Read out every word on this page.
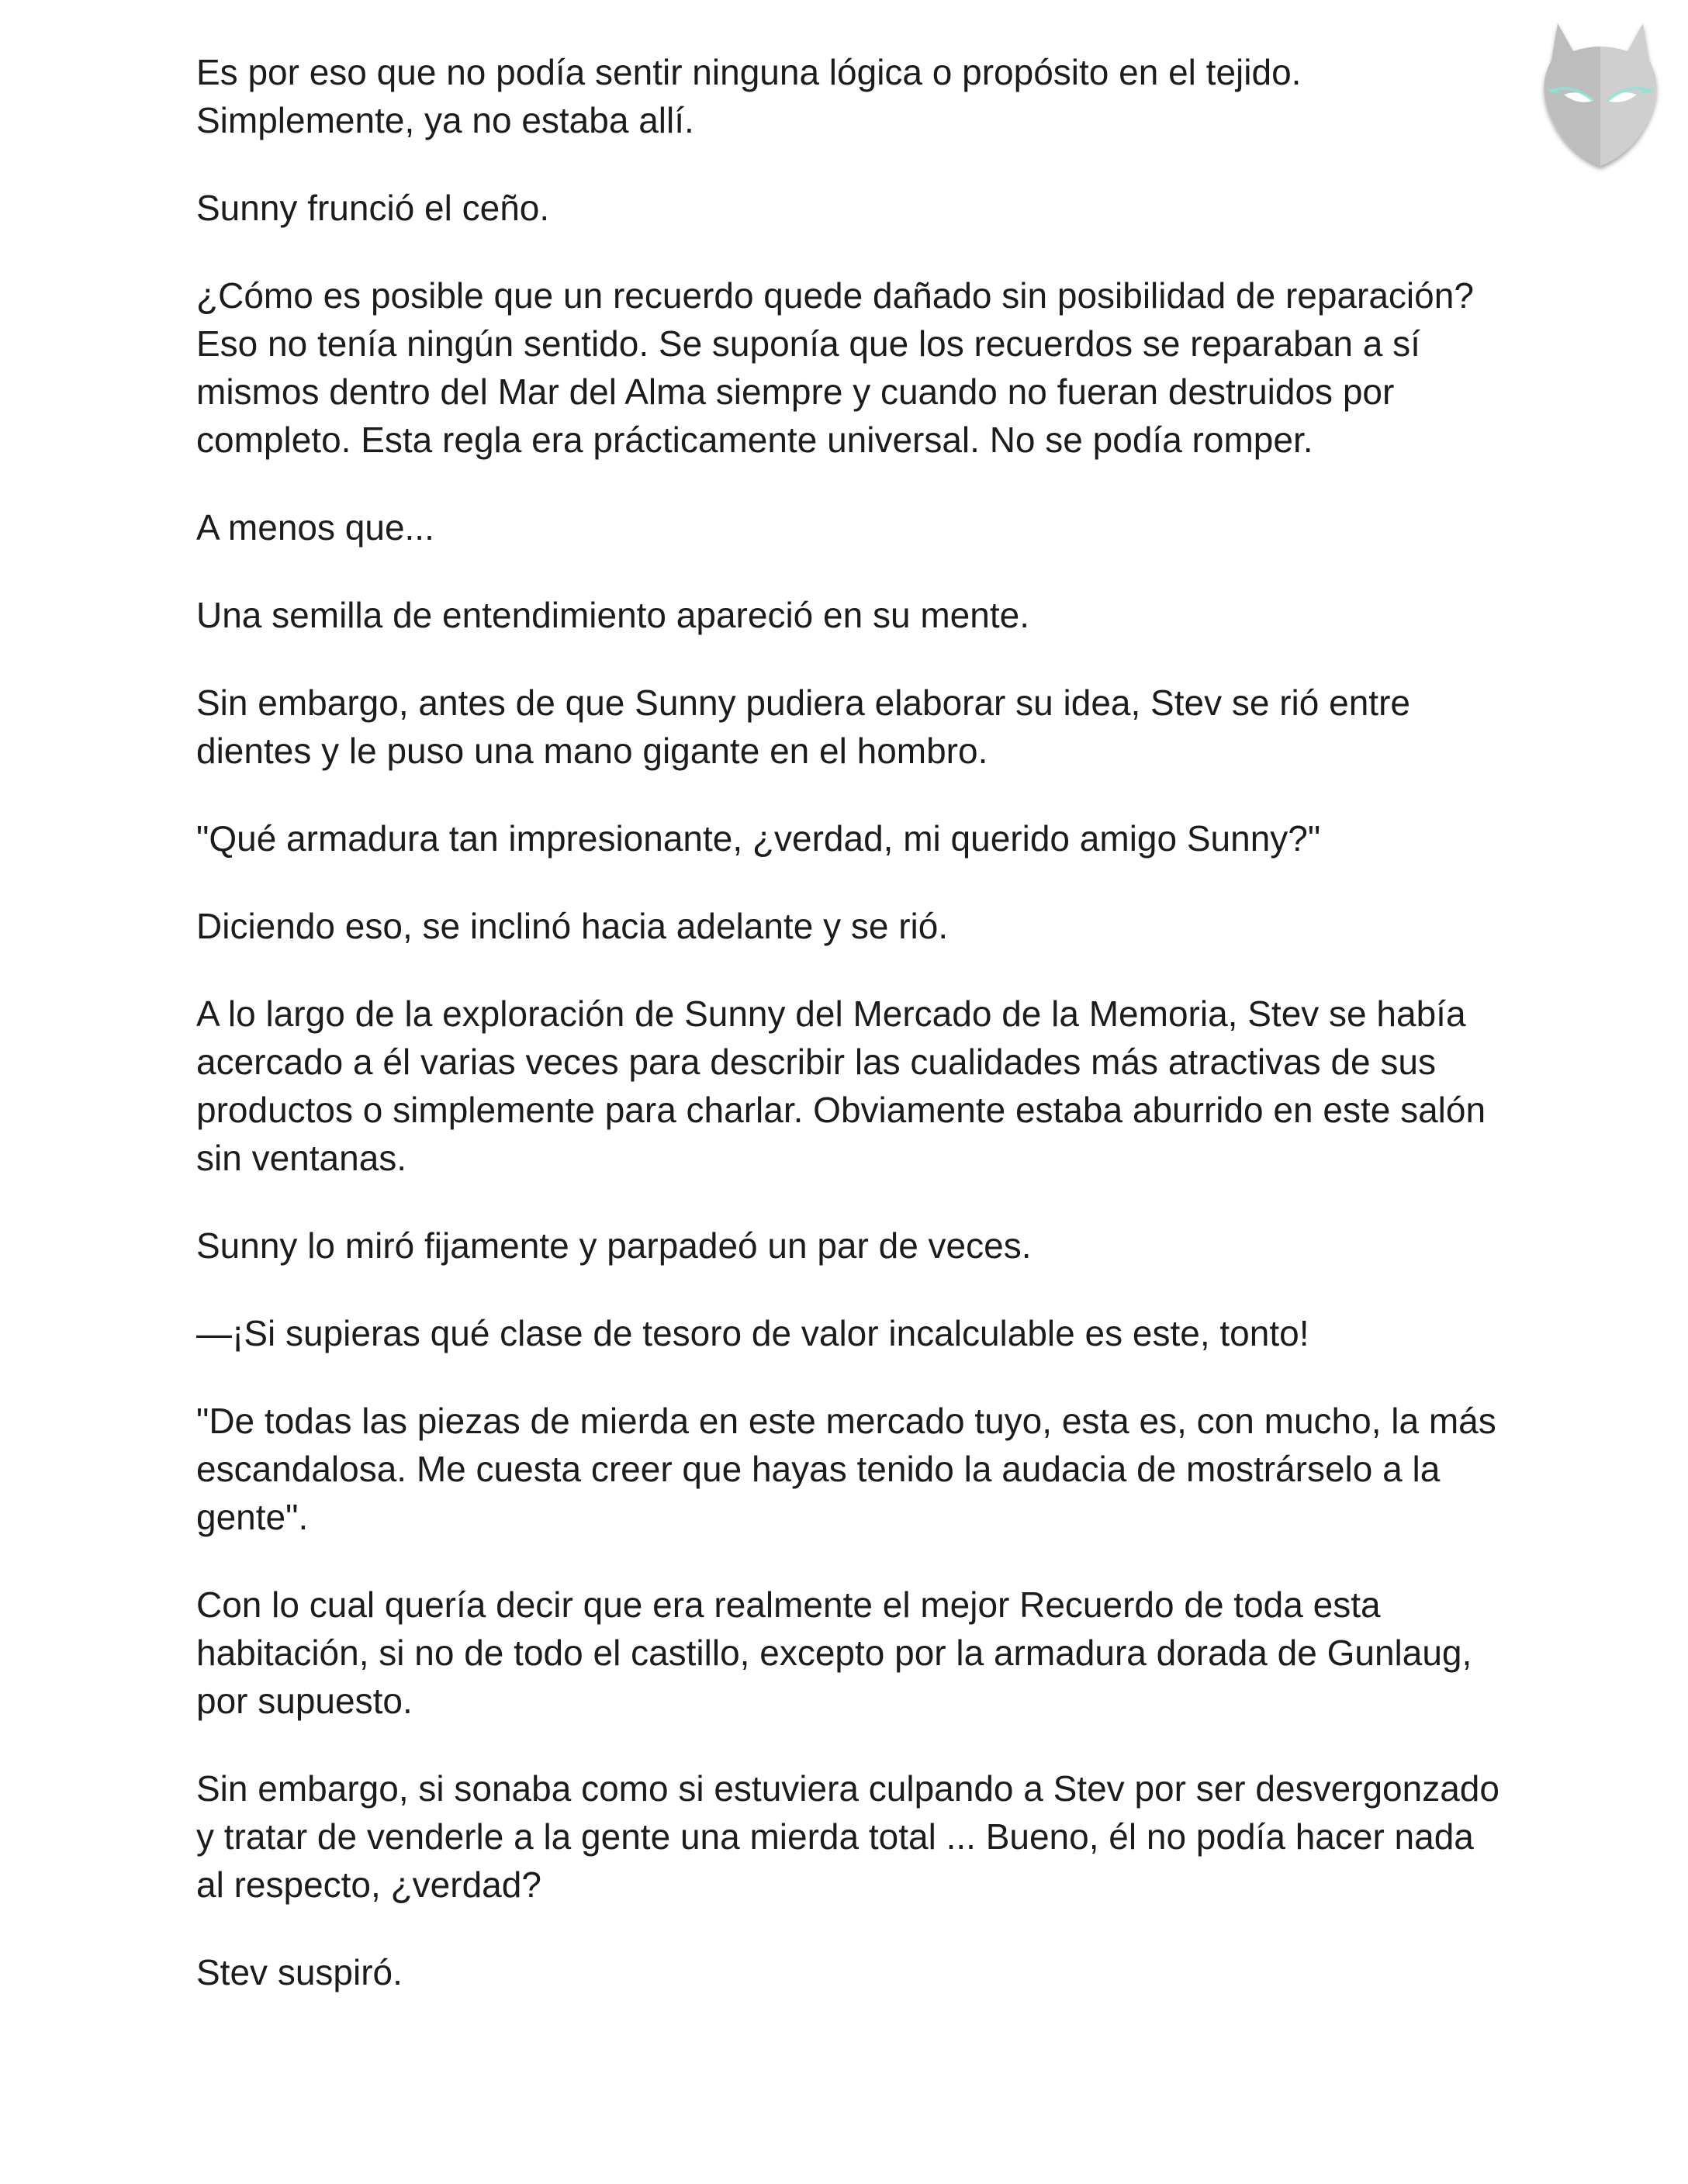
Es por eso que no podía sentir ninguna lógica o propósito en el tejido. Simplemente, ya no estaba allí.

Sunny frunció el ceño.

¿Cómo es posible que un recuerdo quede dañado sin posibilidad de reparación? Eso no tenía ningún sentido. Se suponía que los recuerdos se reparaban a sí mismos dentro del Mar del Alma siempre y cuando no fueran destruidos por completo. Esta regla era prácticamente universal. No se podía romper.

A menos que...

Una semilla de entendimiento apareció en su mente.

Sin embargo, antes de que Sunny pudiera elaborar su idea, Stev se rió entre dientes y le puso una mano gigante en el hombro.

"Qué armadura tan impresionante, ¿verdad, mi querido amigo Sunny?"

Diciendo eso, se inclinó hacia adelante y se rió.

A lo largo de la exploración de Sunny del Mercado de la Memoria, Stev se había acercado a él varias veces para describir las cualidades más atractivas de sus productos o simplemente para charlar. Obviamente estaba aburrido en este salón sin ventanas.

Sunny lo miró fijamente y parpadeó un par de veces.

—¡Si supieras qué clase de tesoro de valor incalculable es este, tonto!

"De todas las piezas de mierda en este mercado tuyo, esta es, con mucho, la más escandalosa. Me cuesta creer que hayas tenido la audacia de mostrárselo a la gente".

Con lo cual quería decir que era realmente el mejor Recuerdo de toda esta habitación, si no de todo el castillo, excepto por la armadura dorada de Gunlaug, por supuesto.

Sin embargo, si sonaba como si estuviera culpando a Stev por ser desvergonzado y tratar de venderle a la gente una mierda total ... Bueno, él no podía hacer nada al respecto, ¿verdad?

Stev suspiró.
